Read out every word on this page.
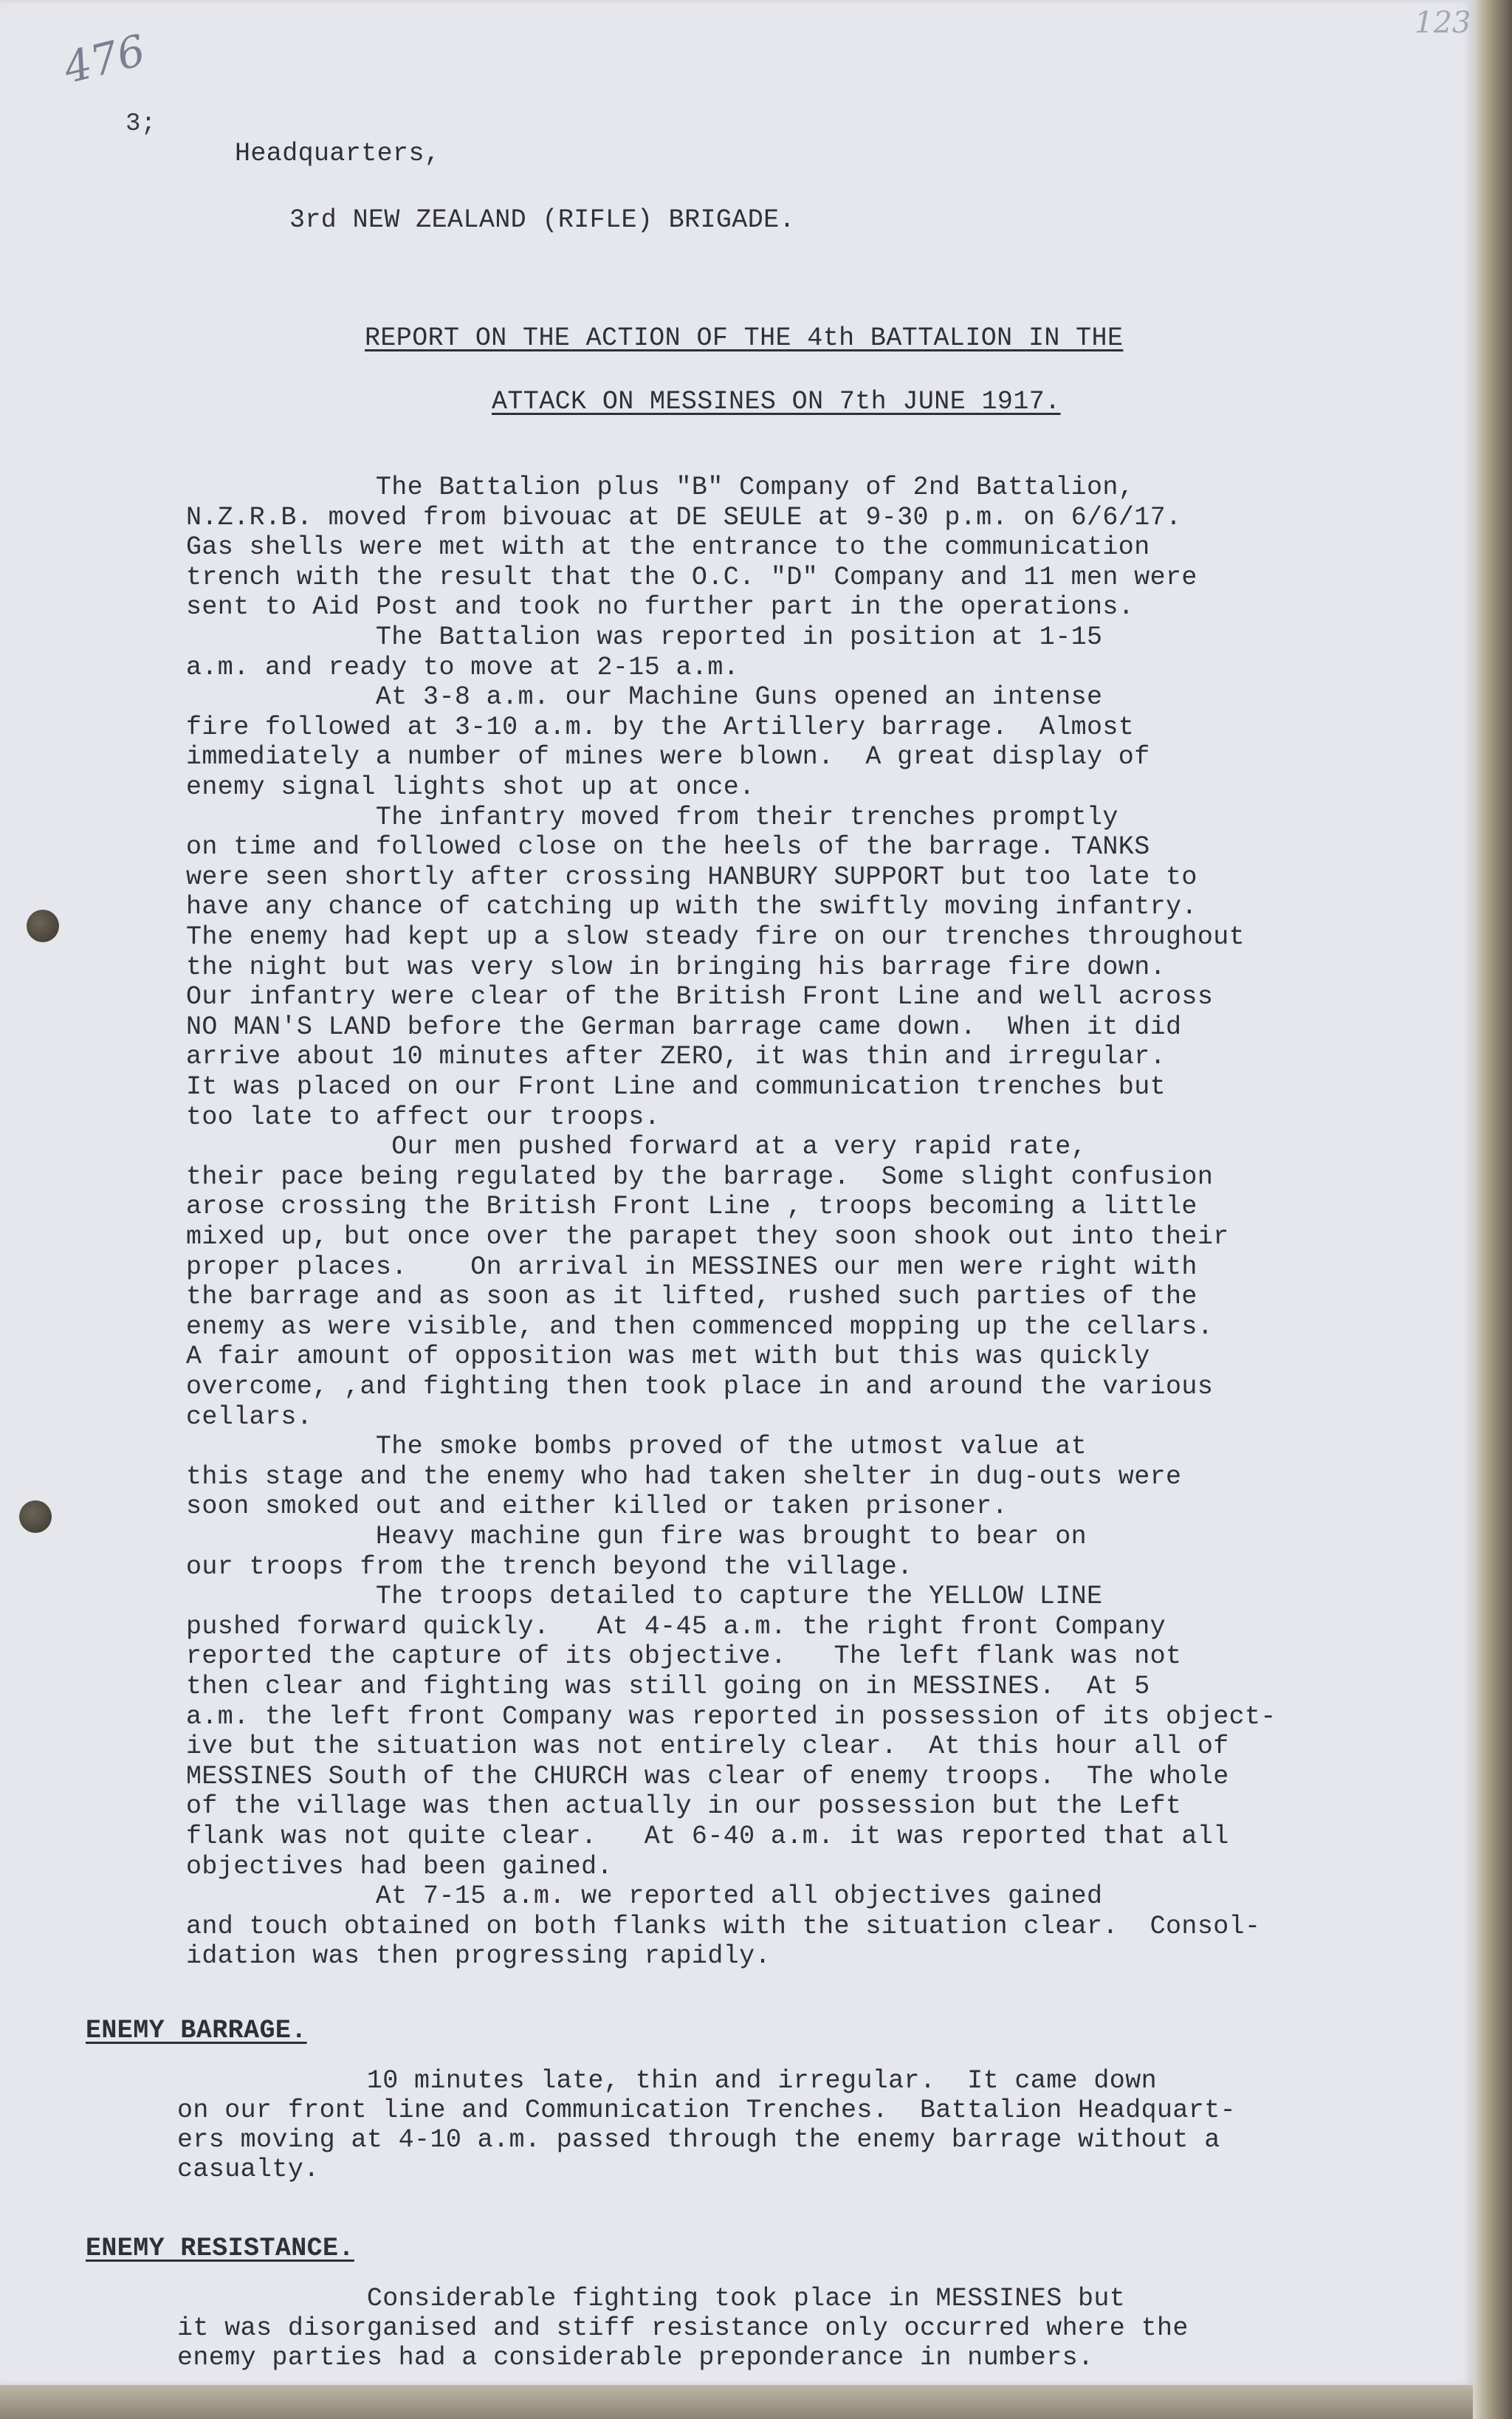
476
123

3;

Headquarters,

3rd NEW ZEALAND (RIFLE) BRIGADE.

REPORT ON THE ACTION OF THE 4th BATTALION IN THE

ATTACK ON MESSINES ON 7th JUNE 1917.

The Battalion plus "B" Company of 2nd Battalion,
N.Z.R.B. moved from bivouac at DE SEULE at 9-30 p.m. on 6/6/17.
Gas shells were met with at the entrance to the communication
trench with the result that the O.C. "D" Company and 11 men were
sent to Aid Post and took no further part in the operations.
The Battalion was reported in position at 1-15
a.m. and ready to move at 2-15 a.m.
At 3-8 a.m. our Machine Guns opened an intense
fire followed at 3-10 a.m. by the Artillery barrage.  Almost
immediately a number of mines were blown.  A great display of
enemy signal lights shot up at once.
The infantry moved from their trenches promptly
on time and followed close on the heels of the barrage. TANKS
were seen shortly after crossing HANBURY SUPPORT but too late to
have any chance of catching up with the swiftly moving infantry.
The enemy had kept up a slow steady fire on our trenches throughout
the night but was very slow in bringing his barrage fire down.
Our infantry were clear of the British Front Line and well across
NO MAN'S LAND before the German barrage came down.  When it did
arrive about 10 minutes after ZERO, it was thin and irregular.
It was placed on our Front Line and communication trenches but
too late to affect our troops.
Our men pushed forward at a very rapid rate,
their pace being regulated by the barrage.  Some slight confusion
arose crossing the British Front Line , troops becoming a little
mixed up, but once over the parapet they soon shook out into their
proper places.    On arrival in MESSINES our men were right with
the barrage and as soon as it lifted, rushed such parties of the
enemy as were visible, and then commenced mopping up the cellars.
A fair amount of opposition was met with but this was quickly
overcome, ,and fighting then took place in and around the various
cellars.
The smoke bombs proved of the utmost value at
this stage and the enemy who had taken shelter in dug-outs were
soon smoked out and either killed or taken prisoner.
Heavy machine gun fire was brought to bear on
our troops from the trench beyond the village.
The troops detailed to capture the YELLOW LINE
pushed forward quickly.   At 4-45 a.m. the right front Company
reported the capture of its objective.   The left flank was not
then clear and fighting was still going on in MESSINES.  At 5
a.m. the left front Company was reported in possession of its object-
ive but the situation was not entirely clear.  At this hour all of
MESSINES South of the CHURCH was clear of enemy troops.  The whole
of the village was then actually in our possession but the Left
flank was not quite clear.   At 6-40 a.m. it was reported that all
objectives had been gained.
At 7-15 a.m. we reported all objectives gained
and touch obtained on both flanks with the situation clear.  Consol-
idation was then progressing rapidly.

ENEMY BARRAGE.
10 minutes late, thin and irregular.  It came down
on our front line and Communication Trenches.  Battalion Headquart-
ers moving at 4-10 a.m. passed through the enemy barrage without a
casualty.
ENEMY RESISTANCE.
Considerable fighting took place in MESSINES but
it was disorganised and stiff resistance only occurred where the
enemy parties had a considerable preponderance in numbers.
